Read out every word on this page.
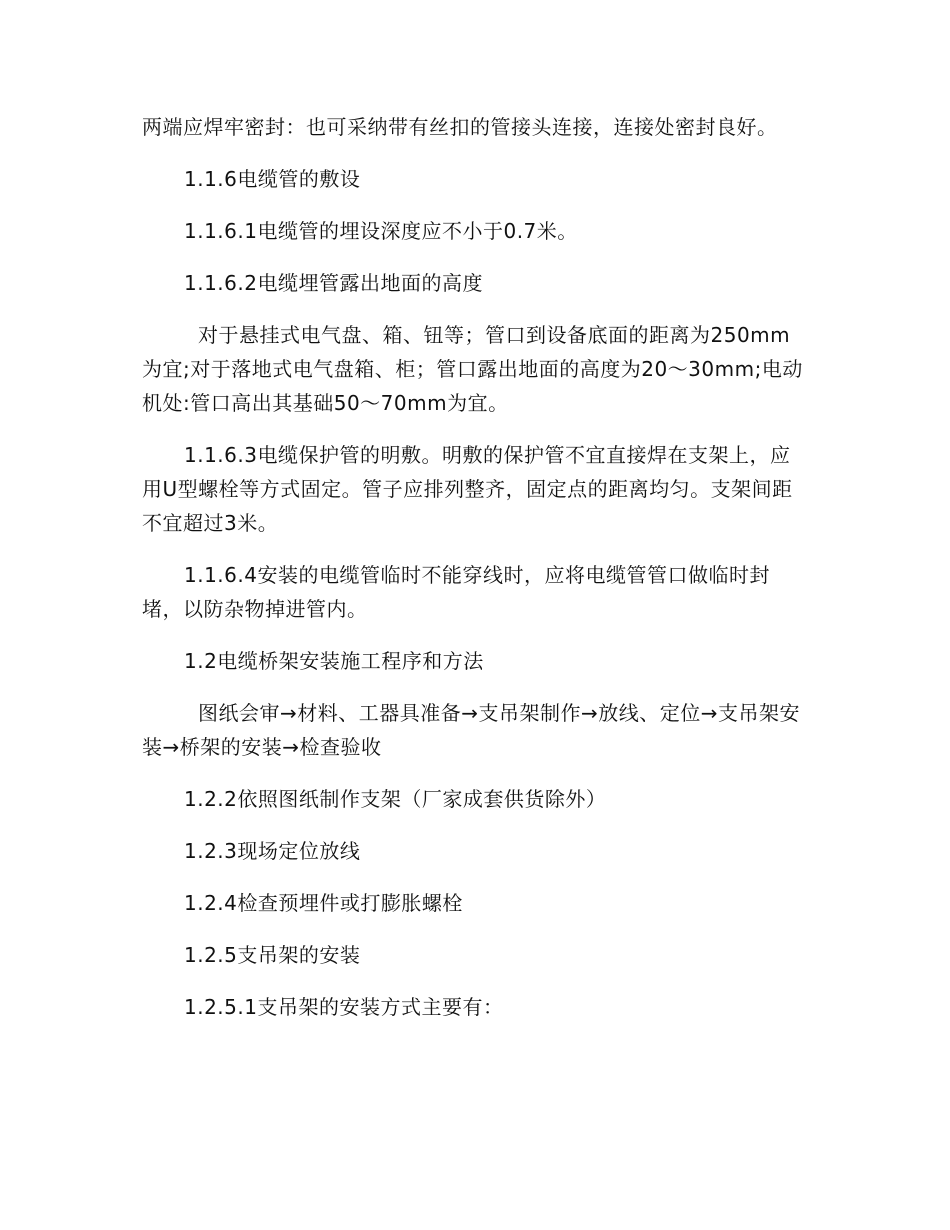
两端应焊牢密封：也可采纳带有丝扣的管接头连接，连接处密封良好。

1.1.6电缆管的敷设

1.1.6.1电缆管的埋设深度应不小于0.7米。

1.1.6.2电缆埋管露出地面的高度

对于悬挂式电气盘、箱、钮等；管口到设备底面的距离为250mm为宜;对于落地式电气盘箱、柜；管口露出地面的高度为20～30mm;电动机处:管口高出其基础50～70mm为宜。

1.1.6.3电缆保护管的明敷。明敷的保护管不宜直接焊在支架上，应用U型螺栓等方式固定。管子应排列整齐，固定点的距离均匀。支架间距不宜超过3米。

1.1.6.4安装的电缆管临时不能穿线时，应将电缆管管口做临时封堵，以防杂物掉进管内。

1.2电缆桥架安装施工程序和方法

图纸会审→材料、工器具准备→支吊架制作→放线、定位→支吊架安装→桥架的安装→检查验收

1.2.2依照图纸制作支架（厂家成套供货除外）

1.2.3现场定位放线

1.2.4检查预埋件或打膨胀螺栓

1.2.5支吊架的安装

1.2.5.1支吊架的安装方式主要有：
